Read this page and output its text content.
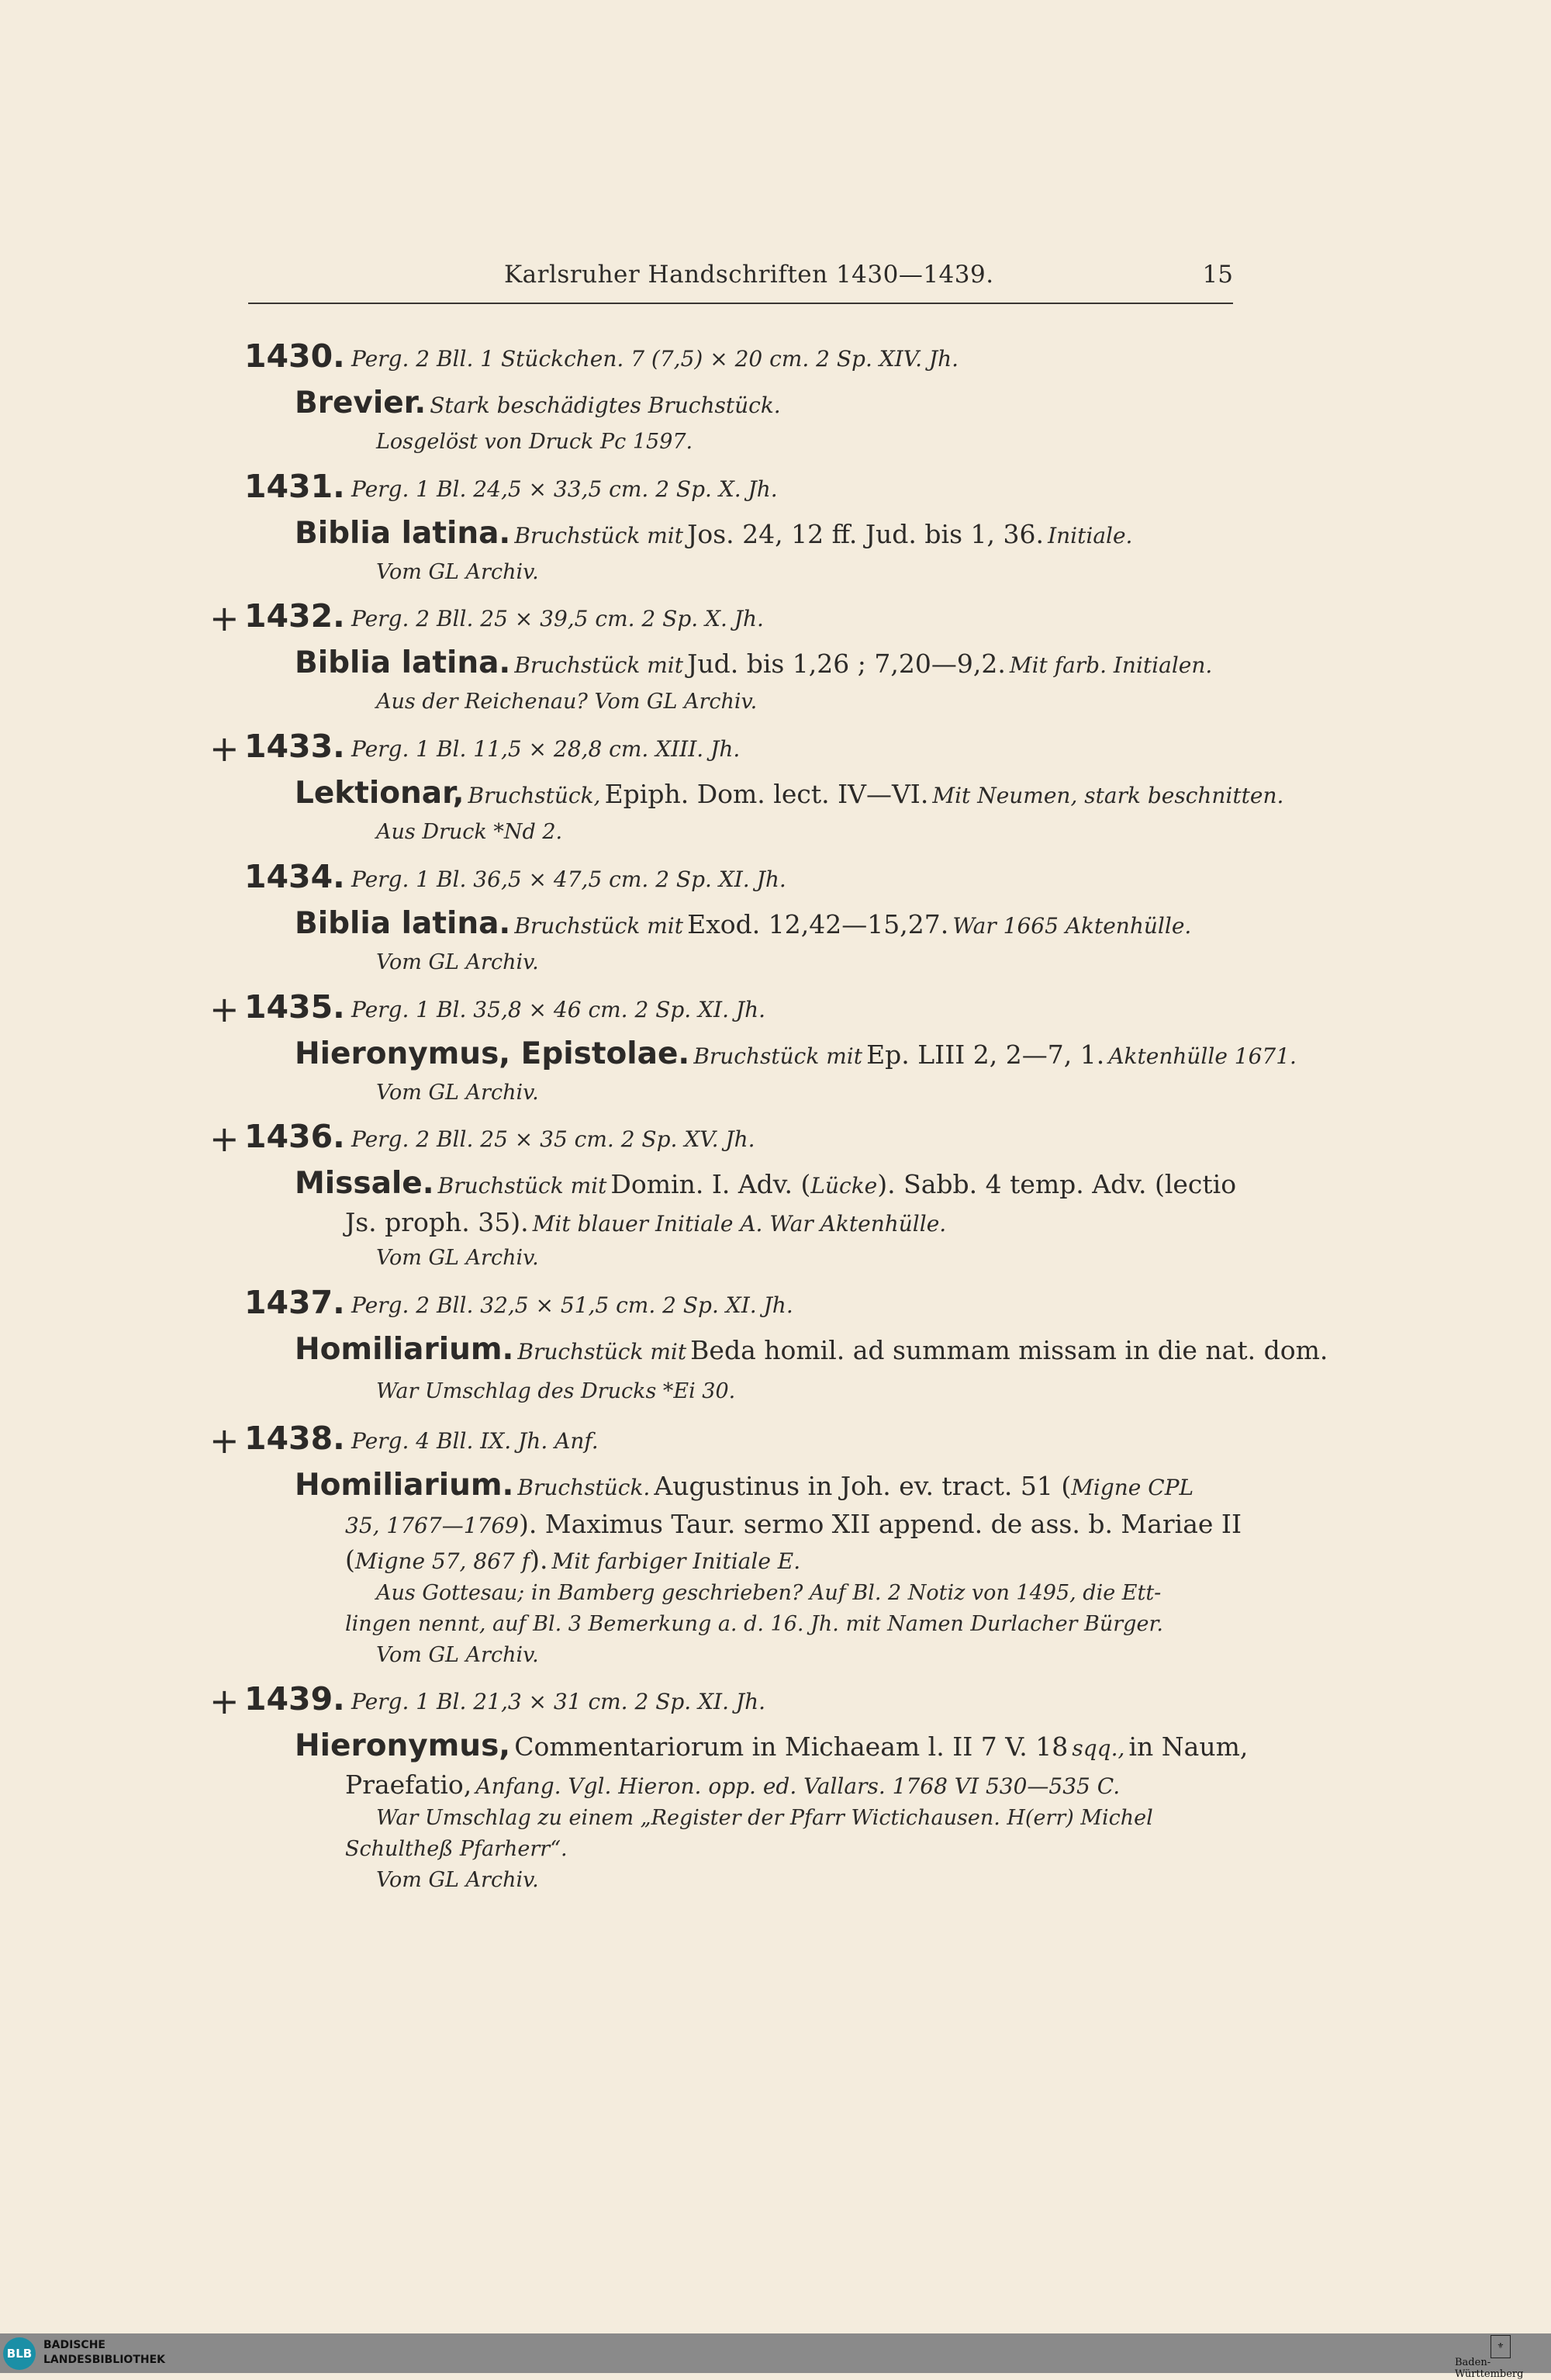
Karlsruher Handschriften 1430—1439.	15
1430. Perg. 2 Bll. 1 Stückchen. 7 (7,5) ⨯ 20 cm. 2 Sp. XIV. Jh.
Brevier. Stark beschädigtes Bruchstück.
Losgelöst von Druck Pc 1597.
1431. Perg. 1 Bl. 24,5 ⨯ 33,5 cm. 2 Sp. X. Jh.
Biblia latina. Bruchstück mit Jos. 24, 12 ff. Jud. bis 1, 36. Initiale.
Vom GL Archiv.
+ 1432. Perg. 2 Bll. 25 ⨯ 39,5 cm. 2 Sp. X. Jh.
Biblia latina. Bruchstück mit Jud. bis 1,26 ; 7,20—9,2. Mit farb. Initialen.
Aus der Reichenau? Vom GL Archiv.
+ 1433. Perg. 1 Bl. 11,5 ⨯ 28,8 cm. XIII. Jh.
Lektionar, Bruchstück, Epiph. Dom. lect. IV—VI. Mit Neumen, stark beschnitten.
Aus Druck *Nd 2.
1434. Perg. 1 Bl. 36,5 ⨯ 47,5 cm. 2 Sp. XI. Jh.
Biblia latina. Bruchstück mit Exod. 12,42—15,27. War 1665 Aktenhülle.
Vom GL Archiv.
+ 1435. Perg. 1 Bl. 35,8 ⨯ 46 cm. 2 Sp. XI. Jh.
Hieronymus, Epistolae. Bruchstück mit Ep. LIII 2, 2—7, 1. Aktenhülle 1671.
Vom GL Archiv.
+ 1436. Perg. 2 Bll. 25 ⨯ 35 cm. 2 Sp. XV. Jh.
Missale. Bruchstück mit Domin. I. Adv. (Lücke). Sabb. 4 temp. Adv. (lectio
Js. proph. 35). Mit blauer Initiale A. War Aktenhülle.
Vom GL Archiv.
1437. Perg. 2 Bll. 32,5 ⨯ 51,5 cm. 2 Sp. XI. Jh.
Homiliarium. Bruchstück mit Beda homil. ad summam missam in die nat. dom.
War Umschlag des Drucks *Ei 30.
+ 1438. Perg. 4 Bll. IX. Jh. Anf.
Homiliarium. Bruchstück. Augustinus in Joh. ev. tract. 51 (Migne CPL
35, 1767—1769). Maximus Taur. sermo XII append. de ass. b. Mariae II
(Migne 57, 867 f). Mit farbiger Initiale E.
Aus Gottesau; in Bamberg geschrieben? Auf Bl. 2 Notiz von 1495, die Ett-
lingen nennt, auf Bl. 3 Bemerkung a. d. 16. Jh. mit Namen Durlacher Bürger.
Vom GL Archiv.
+ 1439. Perg. 1 Bl. 21,3 ⨯ 31 cm. 2 Sp. XI. Jh.
Hieronymus, Commentariorum in Michaeam l. II 7 V. 18 sqq., in Naum,
Praefatio, Anfang. Vgl. Hieron. opp. ed. Vallars. 1768 VI 530—535 C.
War Umschlag zu einem „Register der Pfarr Wictichausen. H(err) Michel
Schultheß Pfarherr“.
Vom GL Archiv.
BLB
BADISCHE
LANDESBIBLIOTHEK
⚜
Baden-Württemberg
